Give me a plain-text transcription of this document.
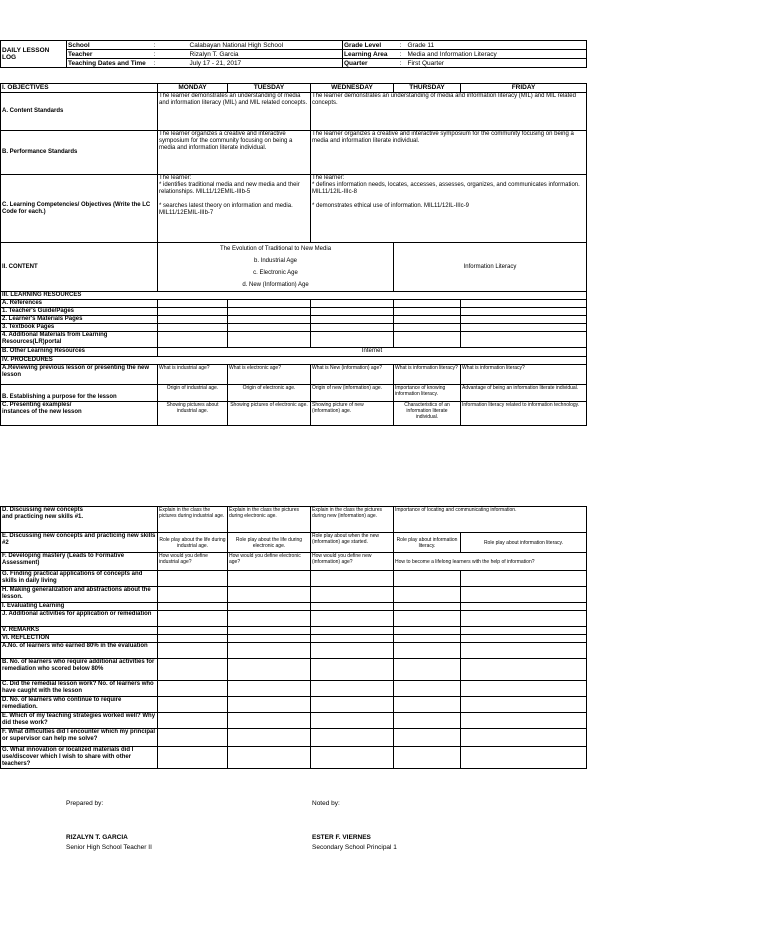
DAILY LESSON LOG	School	:	Calabayan National High School	Grade Level	:	Grade 11
	Teacher	:	Rizalyn T. Garcia	Learning Area	:	Media and Information Literacy
	Teaching Dates and Time	:	July 17 - 21, 2017	Quarter	:	First Quarter
I. OBJECTIVES	MONDAY	TUESDAY	WEDNESDAY	THURSDAY	FRIDAY
A. Content Standards	The learner demonstrates an understanding of media and information literacy (MIL) and MIL related concepts.		The learner demonstrates an understanding of media and information literacy (MIL) and MIL related concepts.		
B. Performance Standards	The learner organizes a creative and interactive symposium for the community focusing on being a media and information literate individual.		The learner organizes a creative and interactive symposium for the community focusing on being a media and information literate individual.		
C. Learning Competencies/ Objectives (Write the LC Code for each.)	The learner:
* identifies traditional media and new media and their relationships. MIL11/12EMIL-IIIb-5

* searches latest theory on information and media. MIL11/12EMIL-IIIb-7		The learner:
* defines information needs, locates, accesses, assesses, organizes, and communicates information. MIL11/12IL-IIIc-8

* demonstrates ethical use of information. MIL11/12IL-IIIc-9		
II. CONTENT	The Evolution of Traditional to New Media
b. Industrial Age
c. Electronic Age
d. New (Information) Age			Information Literacy	
III. LEARNING RESOURCES					
A. References					
1. Teacher's Guide/Pages					
2. Learner's Materials Pages					
3. Textbook Pages					
4. Additional Materials from Learning Resources(LR)portal					
B. Other Learning Resources	Internet				
IV. PROCEDURES					
A.Reviewing previous lesson or presenting the new lesson	What is industrial age?	What is electronic age?	What is New (information) age?	What is information literacy?	What is information literacy?
B. Establishing a purpose for the lesson	Origin of industrial age.	Origin of electronic age.	Origin of new (information) age.	Importance of knowing information literacy.	Advantage of being an information literate individual.
C. Presenting examples/
instances of the new lesson	Showing pictures about industrial age.	Showing pictures of electronic age.	Showing picture of new (information) age.	Characteristics of an information literate individual.	Information literacy related to information technology.
D. Discussing new concepts
and practicing new skills #1.	Explain in the class the pictures during industrial age.	Explain in the class the pictures during electronic age.	Explain in the class the pictures during new (information) age.	Importance of locating and communicating information.	
E. Discussing new concepts and practicing new skills #2	Role play about the life during industrial age.	Role play about the life during electronic age.	Role play about when the new (information) age started.	Role play about information literacy.	Role play about information literacy.
F. Developing mastery (Leads to Formative Assessment)	How would you define industrial age?	How would you define electronic age?	How would you define new (information) age?	How to become a lifelong learners with the help of information?	
G. Finding practical applications of concepts and skills in daily living					
H. Making generalization and abstractions about the lesson.					
I. Evaluating Learning					
J. Additional activities for application or remediation					
V. REMARKS					
VI. REFLECTION					
A.No. of learners who earned 80% in the evaluation					
B. No. of learners who require additional activities for remediation who scored below 80%					
C. Did the remedial lesson work? No. of learners who have caught with the lesson					
D. No. of learners who continue to require remediation.					
E. Which of my teaching strategies worked well? Why did these work?					
F. What difficulties did I encounter which my principal or supervisor can help me solve?					
G. What innovation or localized materials did I use/discover which I wish to share with other teachers?					
Prepared by:	Noted by:
RIZALYN T. GARCIA
Senior High School Teacher II
ESTER F. VIERNES
Secondary School Principal 1
